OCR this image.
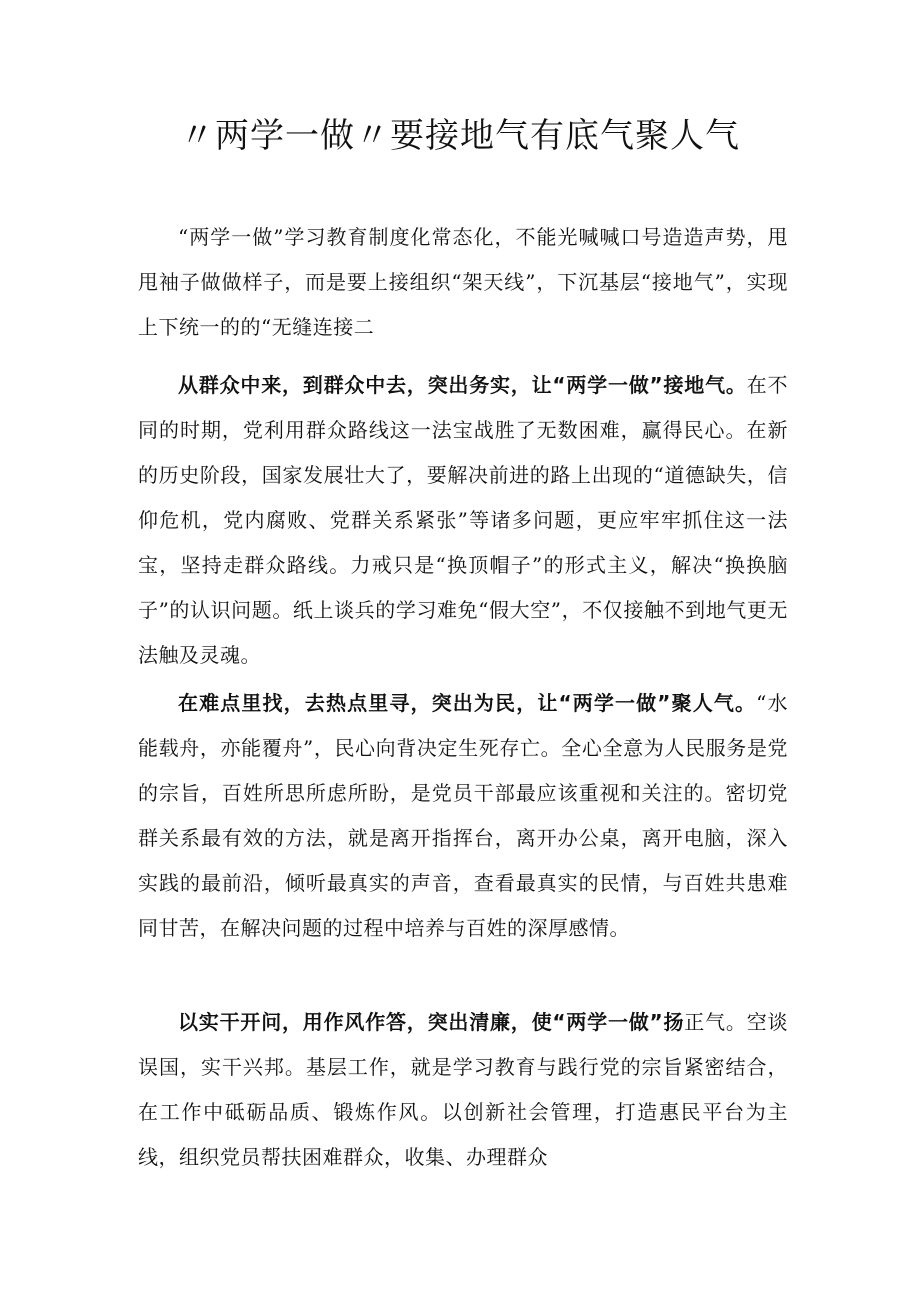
〃两学一做〃要接地气有底气聚人气

“两学一做”学习教育制度化常态化，不能光喊喊口号造造声势，甩甩袖子做做样子，而是要上接组织“架天线”，下沉基层“接地气”，实现上下统一的的“无缝连接二

从群众中来，到群众中去，突出务实，让“两学一做”接地气。在不同的时期，党利用群众路线这一法宝战胜了无数困难，赢得民心。在新的历史阶段，国家发展壮大了，要解决前进的路上出现的“道德缺失，信仰危机，党内腐败、党群关系紧张”等诸多问题，更应牢牢抓住这一法宝，坚持走群众路线。力戒只是“换顶帽子”的形式主义，解决“换换脑子”的认识问题。纸上谈兵的学习难免“假大空”，不仅接触不到地气更无法触及灵魂。

在难点里找，去热点里寻，突出为民，让“两学一做”聚人气。“水能载舟，亦能覆舟”，民心向背决定生死存亡。全心全意为人民服务是党的宗旨，百姓所思所虑所盼，是党员干部最应该重视和关注的。密切党群关系最有效的方法，就是离开指挥台，离开办公桌，离开电脑，深入实践的最前沿，倾听最真实的声音，查看最真实的民情，与百姓共患难同甘苦，在解决问题的过程中培养与百姓的深厚感情。

以实干开问，用作风作答，突出清廉，使“两学一做”扬正气。空谈误国，实干兴邦。基层工作，就是学习教育与践行党的宗旨紧密结合，在工作中砥砺品质、锻炼作风。以创新社会管理，打造惠民平台为主线，组织党员帮扶困难群众，收集、办理群众
